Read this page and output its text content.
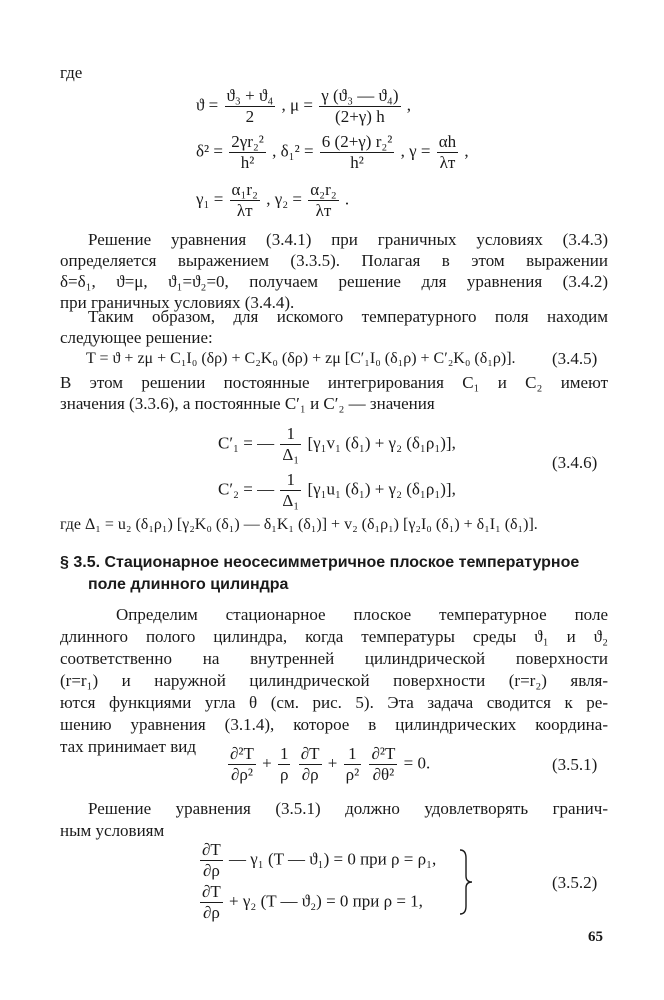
где
$ϑ = \frac{\text{ϑ₃ + ϑ₄}}{2}$ , $\mu = \frac{\text{γ (ϑ₃ — ϑ₄)}}{(2+\gamma) h}$ ,
$\delta^2 = \frac{\text{2γr₂²}}{\text{h²}}$ , $\delta_1^2 = \frac{\text{6 (2+γ) r₂²}}{\text{h²}}$ , $\gamma = \frac{\alpha h}{\lambda т}$ ,
$\gamma_1 = \frac{\text{α₁r₂}}{\lambda т}$ , $\gamma_2 = \frac{\text{α₂r₂}}{\lambda т}$ .
Решение уравнения (3.4.1) при граничных условиях (3.4.3)
определяется выражением (3.3.5). Полагая в этом выражении
δ=δ₁, ϑ=μ, ϑ₁=ϑ₂=0, получаем решение для уравнения (3.4.2)
при граничных условиях (3.4.4).
Таким образом, для искомого температурного поля находим
следующее решение:
T = ϑ + zμ + C₁I₀ (δρ) + C₂K₀ (δρ) + zμ [C′₁I₀ (δ₁ρ) + C′₂K₀ (δ₁ρ)]. (3.4.5)
В этом решении постоянные интегрирования C₁ и C₂ имеют
значения (3.3.6), а постоянные C′₁ и C′₂ — значения
C′₁ = — $\frac{1}{\text{Δ₁}} [\gamma_1v_1$ (δ₁) + γ₂ (δ₁ρ₁)],
C′₂ = — $\frac{1}{\text{Δ₁}} [\gamma_1u_1$ (δ₁) + γ₂ (δ₁ρ₁)],
(3.4.6)
где Δ₁ = u₂ (δ₁ρ₁) [γ₂K₀ (δ₁) — δ₁K₁ (δ₁)] + v₂ (δ₁ρ₁) [γ₂I₀ (δ₁) + δ₁I₁ (δ₁)].
§ 3.5. Стационарное неосесимметричное плоское температурное
поле длинного цилиндра
Определим стационарное плоское температурное поле
длинного полого цилиндра, когда температуры среды ϑ₁ и ϑ₂
соответственно на внутренней цилиндрической поверхности
(r=r₁) и наружной цилиндрической поверхности (r=r₂) явля-
ются функциями угла θ (см. рис. 5). Эта задача сводится к ре-
шению уравнения (3.1.4), которое в цилиндрических координа-
тах принимает вид	$\frac{\text{∂²T}}{\text{∂ρ²}} + \frac{1}{\rho}$
$\frac{\partial T}{\partial\rho} + \frac{1}{\text{ρ²}}$
$\frac{\text{∂²T}}{\text{∂θ²}} = 0$.	(3.5.1)
Решение уравнения (3.5.1) должно удовлетворять гранич-
ным условиям
$\frac{\partial T}{\partial\rho}$ — γ₁ (T — ϑ₁) = 0 при ρ = ρ₁,
$\frac{\partial T}{\partial\rho} + \gamma_2$ (T — ϑ₂) = 0 при ρ = 1,
(3.5.2)
65
